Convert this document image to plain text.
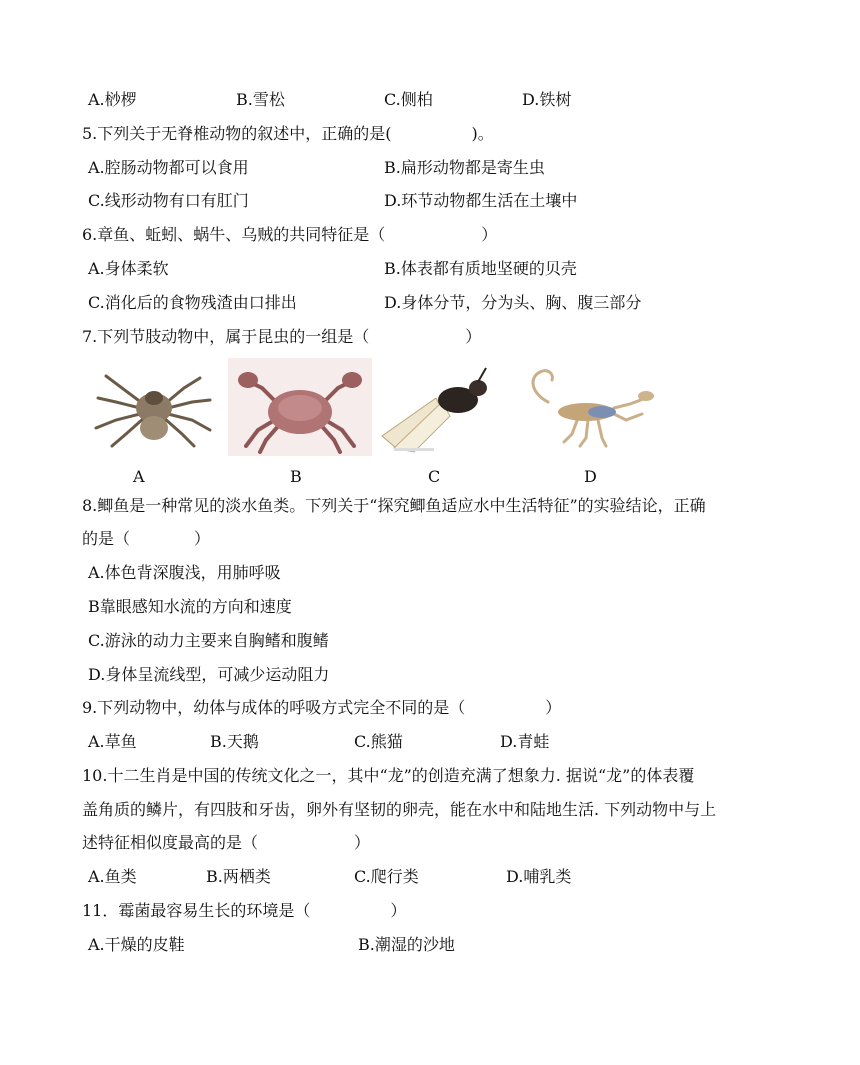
A.桫椤	B.雪松	C.侧柏	D.铁树
5.下列关于无脊椎动物的叙述中，正确的是(　　　　　)。
A.腔肠动物都可以食用	B.扁形动物都是寄生虫
C.线形动物有口有肛门	D.环节动物都生活在土壤中
6.章鱼、蚯蚓、蜗牛、乌贼的共同特征是（　　　　　　）
A.身体柔软	B.体表都有质地坚硬的贝壳
C.消化后的食物残渣由口排出	D.身体分节，分为头、胸、腹三部分
7.下列节肢动物中，属于昆虫的一组是（　　　　　　）
A	B	C	D
8.鲫鱼是一种常见的淡水鱼类。下列关于“探究鲫鱼适应水中生活特征”的实验结论，正确
的是（　　　　）
A.体色背深腹浅，用肺呼吸
B靠眼感知水流的方向和速度
C.游泳的动力主要来自胸鳍和腹鳍
D.身体呈流线型，可减少运动阻力
9.下列动物中，幼体与成体的呼吸方式完全不同的是（　　　　　）
A.草鱼	B.天鹅	C.熊猫	D.青蛙
10.十二生肖是中国的传统文化之一，其中“龙”的创造充满了想象力. 据说“龙”的体表覆
盖角质的鳞片，有四肢和牙齿，卵外有坚韧的卵壳，能在水中和陆地生活. 下列动物中与上
述特征相似度最高的是（　　　　　　）
A.鱼类	B.两栖类	C.爬行类	D.哺乳类
11．霉菌最容易生长的环境是（　　　　　）
A.干燥的皮鞋	B.潮湿的沙地
